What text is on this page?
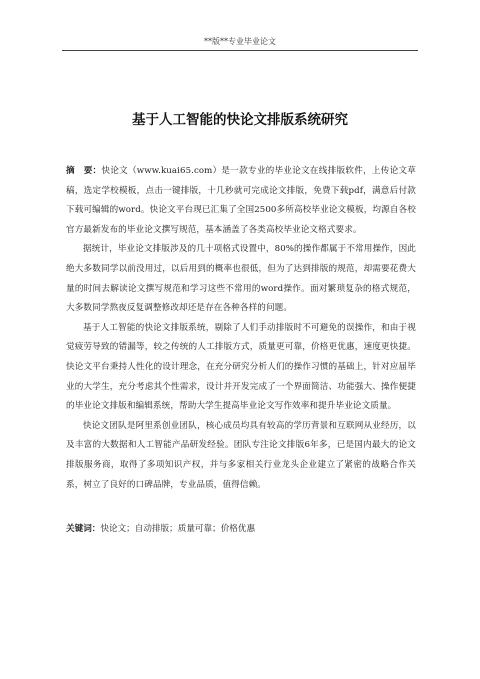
**版**专业毕业论文
基于人工智能的快论文排版系统研究

摘　要：快论文（www.kuai65.com）是一款专业的毕业论文在线排版软件，上传论文草稿，选定学校模板，点击一键排版，十几秒就可完成论文排版，免费下载pdf，满意后付款下载可编辑的word。快论文平台现已汇集了全国2500多所高校毕业论文模板，均源自各校官方最新发布的毕业论文撰写规范，基本涵盖了各类高校毕业论文格式要求。

据统计，毕业论文排版涉及的几十项格式设置中，80%的操作都属于不常用操作，因此绝大多数同学以前没用过，以后用到的概率也很低，但为了达到排版的规范，却需要花费大量的时间去解读论文撰写规范和学习这些不常用的word操作。面对繁琐复杂的格式规范，大多数同学熬夜反复调整修改却还是存在各种各样的问题。

基于人工智能的快论文排版系统，剔除了人们手动排版时不可避免的误操作，和由于视觉疲劳导致的错漏等，较之传统的人工排版方式，质量更可靠，价格更优惠，速度更快捷。快论文平台秉持人性化的设计理念，在充分研究分析人们的操作习惯的基础上，针对应届毕业的大学生，充分考虑其个性需求，设计并开发完成了一个界面简洁、功能强大、操作便捷的毕业论文排版和编辑系统，帮助大学生提高毕业论文写作效率和提升毕业论文质量。

快论文团队是阿里系创业团队，核心成员均具有较高的学历背景和互联网从业经历，以及丰富的大数据和人工智能产品研发经验。团队专注论文排版6年多，已是国内最大的论文排版服务商，取得了多项知识产权，并与多家相关行业龙头企业建立了紧密的战略合作关系，树立了良好的口碑品牌，专业品质，值得信赖。

关键词：快论文；自动排版；质量可靠；价格优惠
